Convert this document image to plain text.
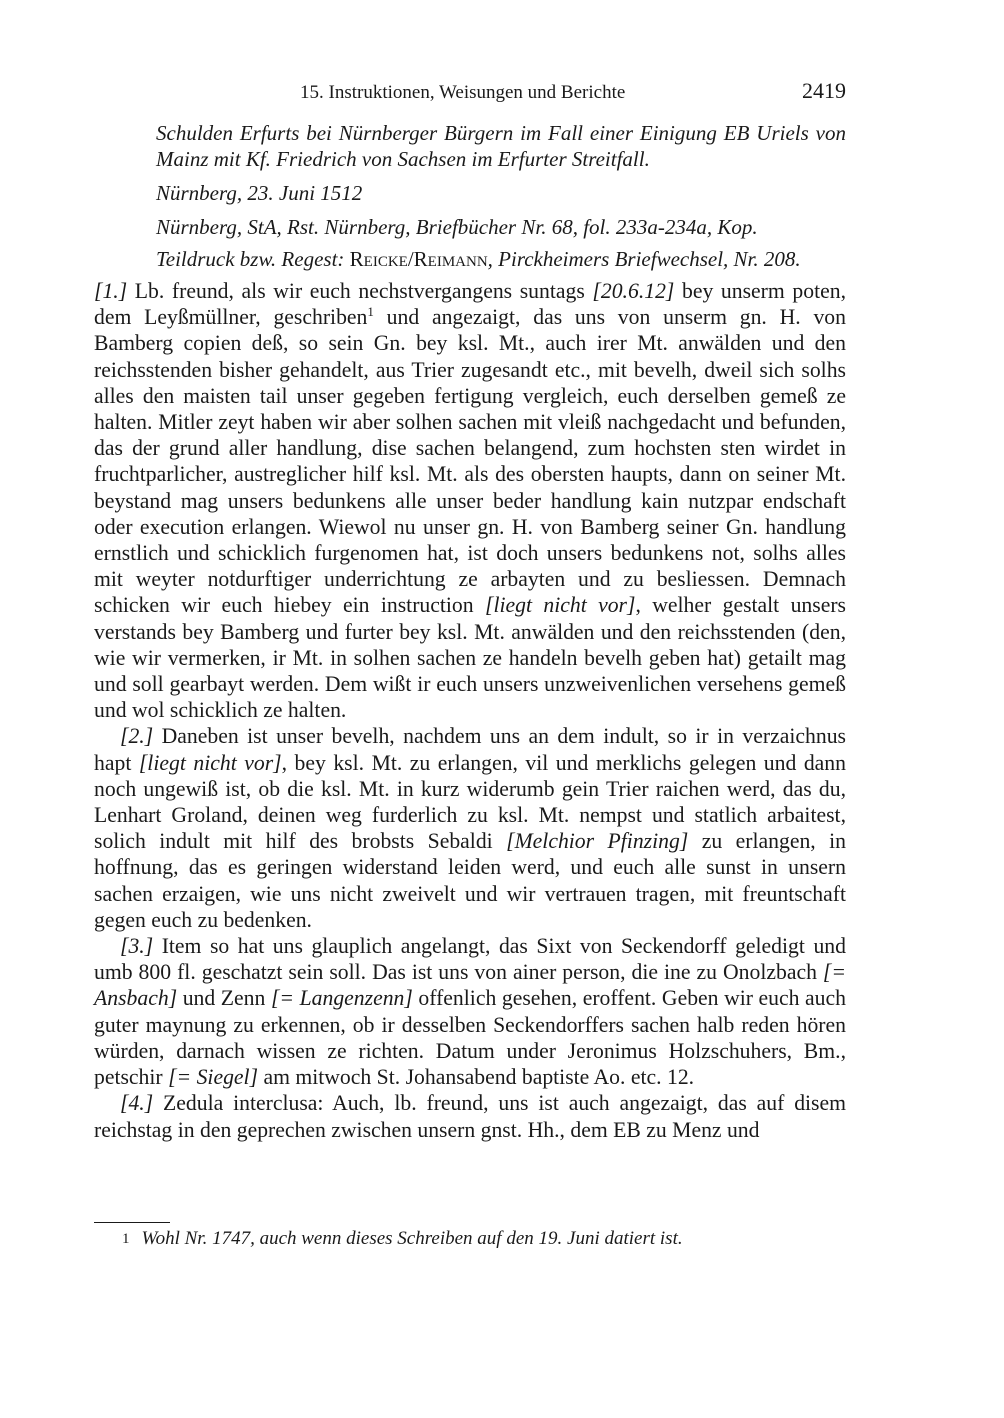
15. Instruktionen, Weisungen und Berichte	2419

Schulden Erfurts bei Nürnberger Bürgern im Fall einer Einigung EB Uriels von Mainz mit Kf. Friedrich von Sachsen im Erfurter Streitfall.

Nürnberg, 23. Juni 1512

Nürnberg, StA, Rst. Nürnberg, Briefbücher Nr. 68, fol. 233a-234a, Kop.

Teildruck bzw. Regest: Reicke/Reimann, Pirckheimers Briefwechsel, Nr. 208.

[1.] Lb. freund, als wir euch nechstvergangens suntags [20.6.12] bey unserm poten, dem Leyßmüllner, geschriben$^1$ und angezaigt, das uns von unserm gn. H. von Bamberg copien deß, so sein Gn. bey ksl. Mt., auch irer Mt. anwälden und den reichsstenden bisher gehandelt, aus Trier zugesandt etc., mit bevelh, dweil sich solhs alles den maisten tail unser gegeben fertigung vergleich, euch derselben gemeß ze halten. Mitler zeyt haben wir aber solhen sachen mit vleiß nachgedacht und befunden, das der grund aller handlung, dise sachen belangend, zum hochsten sten wirdet in fruchtparlicher, austreglicher hilf ksl. Mt. als des obersten haupts, dann on seiner Mt. beystand mag unsers bedunkens alle unser beder handlung kain nutzpar endschaft oder execution erlangen. Wiewol nu unser gn. H. von Bamberg seiner Gn. handlung ernstlich und schicklich furgenomen hat, ist doch unsers bedunkens not, solhs alles mit weyter notdurftiger underrichtung ze arbayten und zu besliessen. Demnach schicken wir euch hiebey ein instruction [liegt nicht vor], welher gestalt unsers verstands bey Bamberg und furter bey ksl. Mt. anwälden und den reichsstenden (den, wie wir vermerken, ir Mt. in solhen sachen ze handeln bevelh geben hat) getailt mag und soll gearbayt werden. Dem wißt ir euch unsers unzweivenlichen versehens gemeß und wol schicklich ze halten.

[2.] Daneben ist unser bevelh, nachdem uns an dem indult, so ir in verzaichnus hapt [liegt nicht vor], bey ksl. Mt. zu erlangen, vil und merklichs gelegen und dann noch ungewiß ist, ob die ksl. Mt. in kurz widerumb gein Trier raichen werd, das du, Lenhart Groland, deinen weg furderlich zu ksl. Mt. nempst und statlich arbaitest, solich indult mit hilf des brobsts Sebaldi [Melchior Pfinzing] zu erlangen, in hoffnung, das es geringen widerstand leiden werd, und euch alle sunst in unsern sachen erzaigen, wie uns nicht zweivelt und wir vertrauen tragen, mit freuntschaft gegen euch zu bedenken.

[3.] Item so hat uns glauplich angelangt, das Sixt von Seckendorff geledigt und umb 800 fl. geschatzt sein soll. Das ist uns von ainer person, die ine zu Onolzbach [= Ansbach] und Zenn [= Langenzenn] offenlich gesehen, eroffent. Geben wir euch auch guter maynung zu erkennen, ob ir desselben Seckendorffers sachen halb reden hören würden, darnach wissen ze richten. Datum under Jeronimus Holzschuhers, Bm., petschir [= Siegel] am mitwoch St. Johansabend baptiste Ao. etc. 12.

[4.] Zedula interclusa: Auch, lb. freund, uns ist auch angezaigt, das auf disem reichstag in den geprechen zwischen unsern gnst. Hh., dem EB zu Menz und

1 Wohl Nr. 1747, auch wenn dieses Schreiben auf den 19. Juni datiert ist.
